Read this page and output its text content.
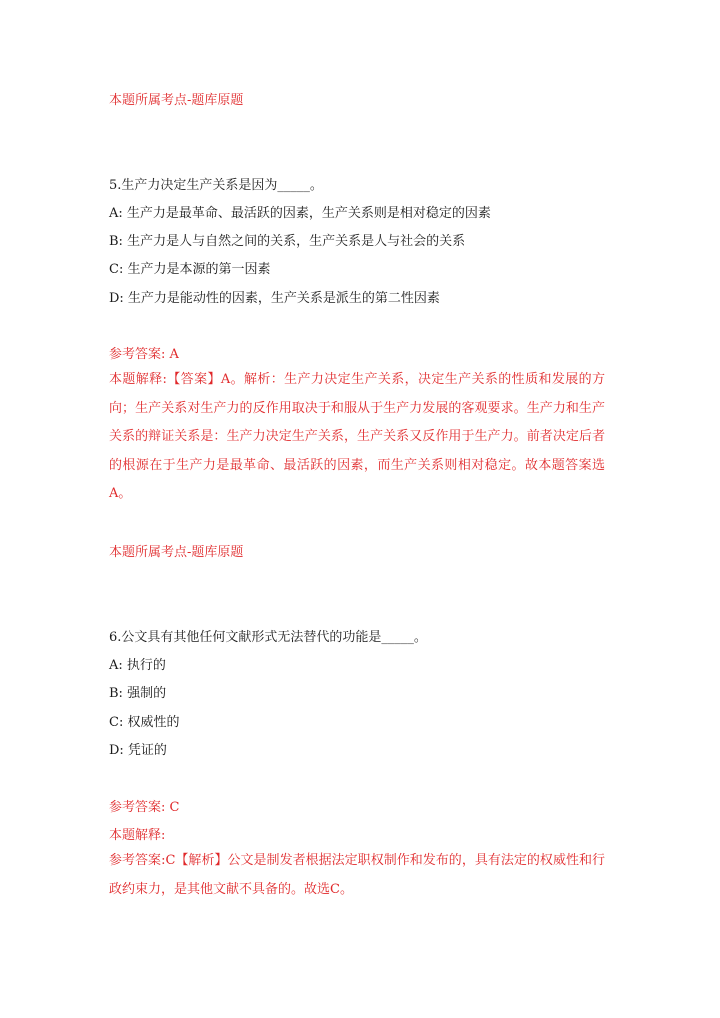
本题所属考点-题库原题
5.生产力决定生产关系是因为_____。
A: 生产力是最革命、最活跃的因素，生产关系则是相对稳定的因素
B: 生产力是人与自然之间的关系，生产关系是人与社会的关系
C: 生产力是本源的第一因素
D: 生产力是能动性的因素，生产关系是派生的第二性因素
参考答案: A
本题解释:【答案】A。解析：生产力决定生产关系，决定生产关系的性质和发展的方向；生产关系对生产力的反作用取决于和服从于生产力发展的客观要求。生产力和生产关系的辩证关系是：生产力决定生产关系，生产关系又反作用于生产力。前者决定后者的根源在于生产力是最革命、最活跃的因素，而生产关系则相对稳定。故本题答案选A。
本题所属考点-题库原题
6.公文具有其他任何文献形式无法替代的功能是_____。
A: 执行的
B: 强制的
C: 权威性的
D: 凭证的
参考答案: C
本题解释:
参考答案:C【解析】公文是制发者根据法定职权制作和发布的，具有法定的权威性和行政约束力，是其他文献不具备的。故选C。
